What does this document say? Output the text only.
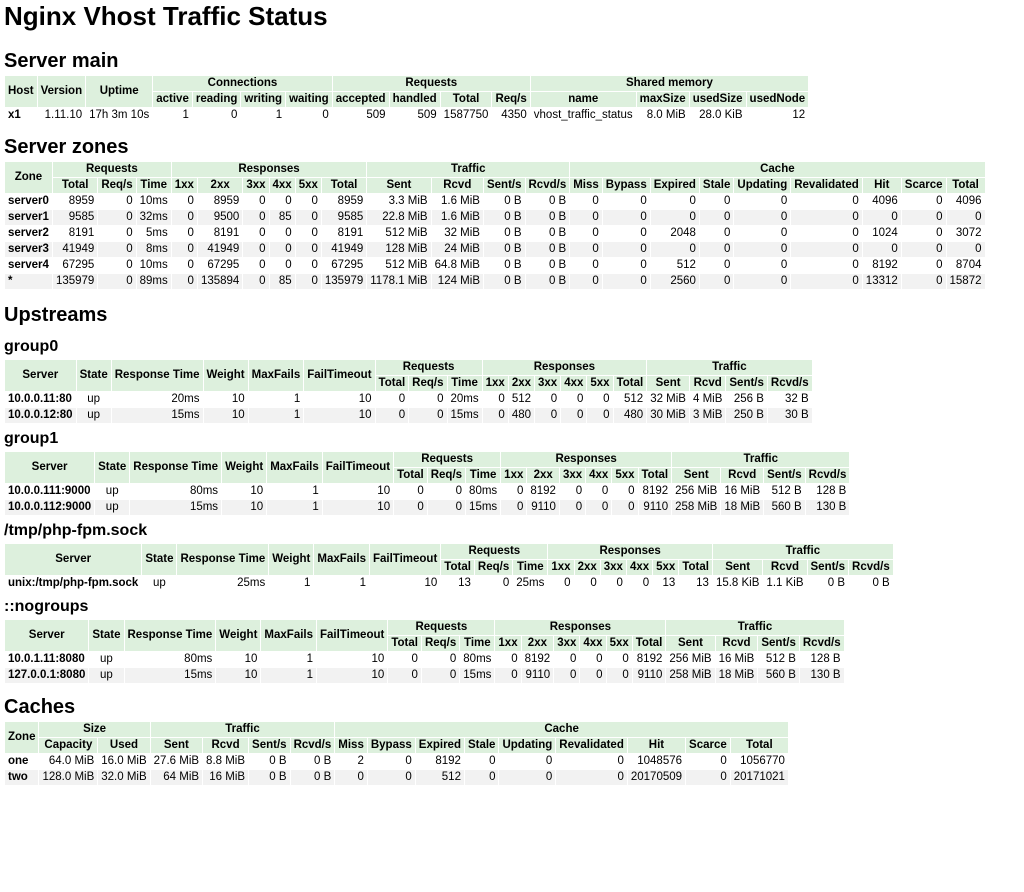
Nginx Vhost Traffic Status
Server main
Host	Version	Uptime	Connections				Requests				Shared memory			
			active	reading	writing	waiting	accepted	handled	Total	Req/s	name	maxSize	usedSize	usedNode
x1	1.11.10	17h 3m 10s	1	0	1	0	509	509	1587750	4350	vhost_traffic_status	8.0 MiB	28.0 KiB	12
Server zones
Zone	Requests			Responses						Traffic				Cache								
	Total	Req/s	Time	1xx	2xx	3xx	4xx	5xx	Total	Sent	Rcvd	Sent/s	Rcvd/s	Miss	Bypass	Expired	Stale	Updating	Revalidated	Hit	Scarce	Total
server0	8959	0	10ms	0	8959	0	0	0	8959	3.3 MiB	1.6 MiB	0 B	0 B	0	0	0	0	0	0	4096	0	4096
server1	9585	0	32ms	0	9500	0	85	0	9585	22.8 MiB	1.6 MiB	0 B	0 B	0	0	0	0	0	0	0	0	0
server2	8191	0	5ms	0	8191	0	0	0	8191	512 MiB	32 MiB	0 B	0 B	0	0	2048	0	0	0	1024	0	3072
server3	41949	0	8ms	0	41949	0	0	0	41949	128 MiB	24 MiB	0 B	0 B	0	0	0	0	0	0	0	0	0
server4	67295	0	10ms	0	67295	0	0	0	67295	512 MiB	64.8 MiB	0 B	0 B	0	0	512	0	0	0	8192	0	8704
*	135979	0	89ms	0	135894	0	85	0	135979	1178.1 MiB	124 MiB	0 B	0 B	0	0	2560	0	0	0	13312	0	15872
Upstreams
group0
Server	State	Response Time	Weight	MaxFails	FailTimeout	Requests			Responses						Traffic			
						Total	Req/s	Time	1xx	2xx	3xx	4xx	5xx	Total	Sent	Rcvd	Sent/s	Rcvd/s
10.0.0.11:80	up	20ms	10	1	10	0	0	20ms	0	512	0	0	0	512	32 MiB	4 MiB	256 B	32 B
10.0.0.12:80	up	15ms	10	1	10	0	0	15ms	0	480	0	0	0	480	30 MiB	3 MiB	250 B	30 B
group1
Server	State	Response Time	Weight	MaxFails	FailTimeout	Requests			Responses						Traffic			
						Total	Req/s	Time	1xx	2xx	3xx	4xx	5xx	Total	Sent	Rcvd	Sent/s	Rcvd/s
10.0.0.111:9000	up	80ms	10	1	10	0	0	80ms	0	8192	0	0	0	8192	256 MiB	16 MiB	512 B	128 B
10.0.0.112:9000	up	15ms	10	1	10	0	0	15ms	0	9110	0	0	0	9110	258 MiB	18 MiB	560 B	130 B
/tmp/php-fpm.sock
Server	State	Response Time	Weight	MaxFails	FailTimeout	Requests			Responses						Traffic			
						Total	Req/s	Time	1xx	2xx	3xx	4xx	5xx	Total	Sent	Rcvd	Sent/s	Rcvd/s
unix:/tmp/php-fpm.sock	up	25ms	1	1	10	13	0	25ms	0	0	0	0	13	13	15.8 KiB	1.1 KiB	0 B	0 B
::nogroups
Server	State	Response Time	Weight	MaxFails	FailTimeout	Requests			Responses						Traffic			
						Total	Req/s	Time	1xx	2xx	3xx	4xx	5xx	Total	Sent	Rcvd	Sent/s	Rcvd/s
10.0.1.11:8080	up	80ms	10	1	10	0	0	80ms	0	8192	0	0	0	8192	256 MiB	16 MiB	512 B	128 B
127.0.0.1:8080	up	15ms	10	1	10	0	0	15ms	0	9110	0	0	0	9110	258 MiB	18 MiB	560 B	130 B
Caches
Zone	Size		Traffic				Cache								
	Capacity	Used	Sent	Rcvd	Sent/s	Rcvd/s	Miss	Bypass	Expired	Stale	Updating	Revalidated	Hit	Scarce	Total
one	64.0 MiB	16.0 MiB	27.6 MiB	8.8 MiB	0 B	0 B	2	0	8192	0	0	0	1048576	0	1056770
two	128.0 MiB	32.0 MiB	64 MiB	16 MiB	0 B	0 B	0	0	512	0	0	0	20170509	0	20171021
